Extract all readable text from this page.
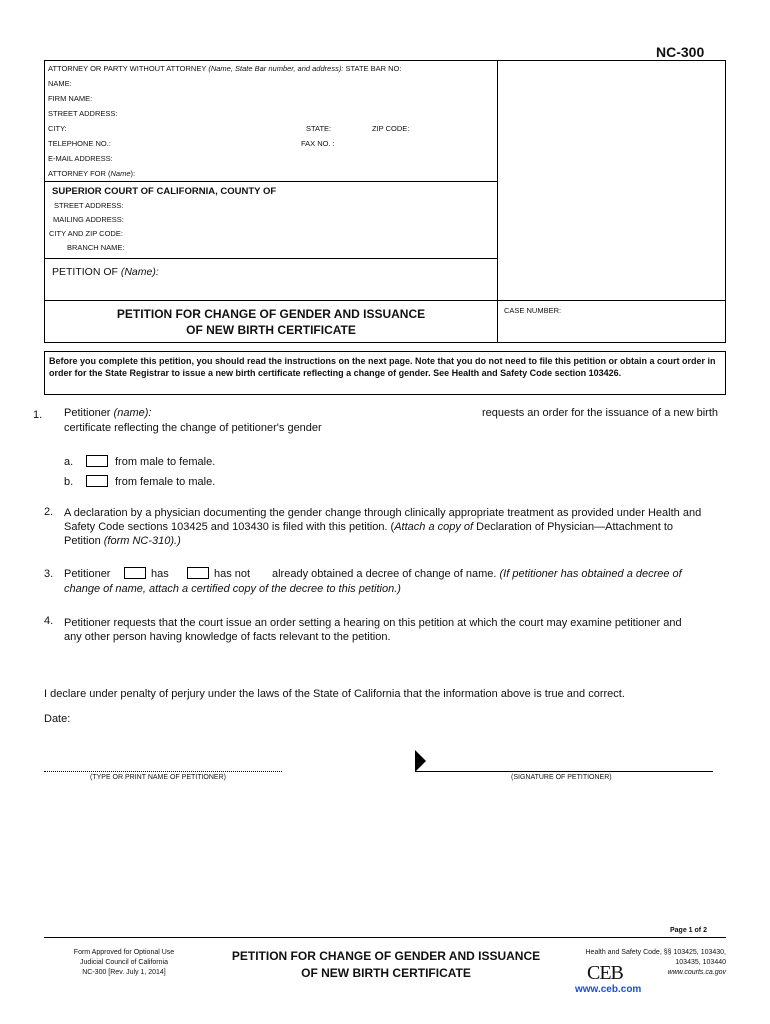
NC-300
ATTORNEY OR PARTY WITHOUT ATTORNEY (Name, State Bar number, and address): STATE BAR NO:
NAME:
FIRM NAME:
STREET ADDRESS:
CITY:	STATE:	ZIP CODE:
TELEPHONE NO.:	FAX NO. :
E-MAIL ADDRESS:
ATTORNEY FOR (Name):
SUPERIOR COURT OF CALIFORNIA, COUNTY OF
STREET ADDRESS:
MAILING ADDRESS:
CITY AND ZIP CODE:
BRANCH NAME:
PETITION OF (Name):
PETITION FOR CHANGE OF GENDER AND ISSUANCE
OF NEW BIRTH CERTIFICATE
CASE NUMBER:
Before you complete this petition, you should read the instructions on the next page. Note that you do not need to file this petition or obtain a court order in order for the State Registrar to issue a new birth certificate reflecting a change of gender. See Health and Safety Code section 103426.
1. Petitioner (name):	requests an order for the issuance of a new birth
certificate reflecting the change of petitioner's gender
a.	from male to female.
b.	from female to male.
2. A declaration by a physician documenting the gender change through clinically appropriate treatment as provided under Health and
Safety Code sections 103425 and 103430 is filed with this petition. (Attach a copy of Declaration of Physician—Attachment to
Petition (form NC-310).)
3. Petitioner	has	has not already obtained a decree of change of name. (If petitioner has obtained a decree of
change of name, attach a certified copy of the decree to this petition.)
4. Petitioner requests that the court issue an order setting a hearing on this petition at which the court may examine petitioner and
any other person having knowledge of facts relevant to the petition.
I declare under penalty of perjury under the laws of the State of California that the information above is true and correct.
Date:
(TYPE OR PRINT NAME OF PETITIONER)	(SIGNATURE OF PETITIONER)
Page 1 of 2
Form Approved for Optional Use
Judicial Council of California
NC-300 [Rev. July 1, 2014]
PETITION FOR CHANGE OF GENDER AND ISSUANCE
OF NEW BIRTH CERTIFICATE
Health and Safety Code, §§ 103425, 103430,
103435, 103440
www.courts.ca.gov
CEB
www.ceb.com
